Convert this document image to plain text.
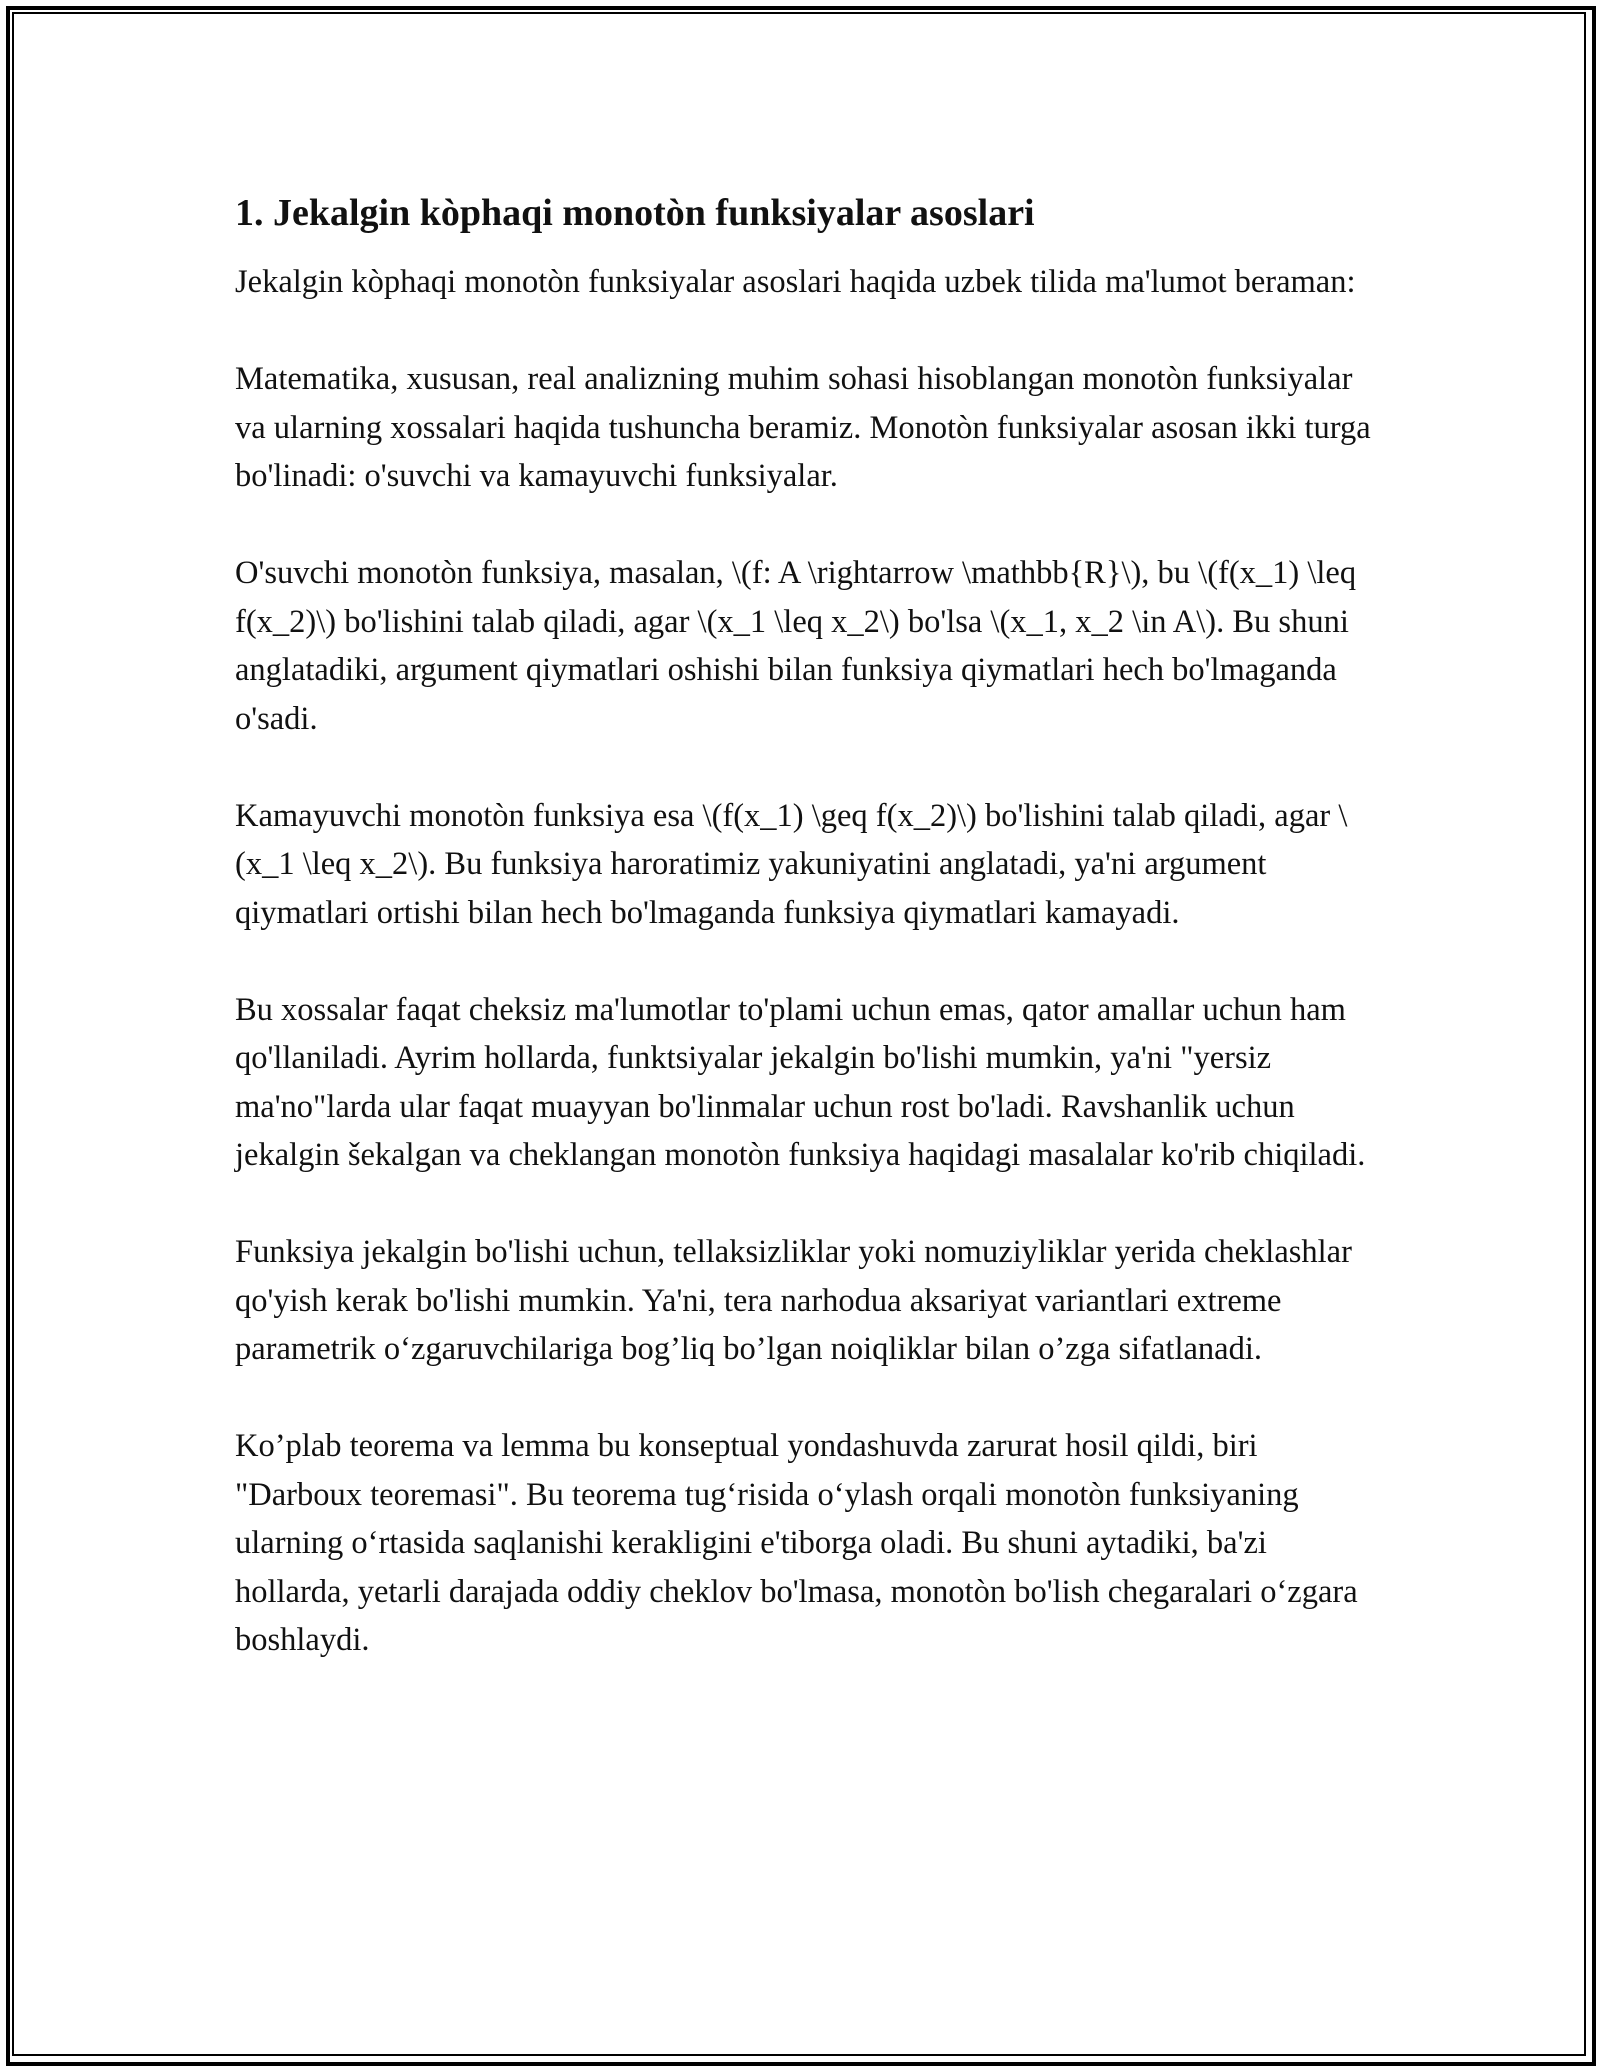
1. Jekalgin kòphaqi monotòn funksiyalar asoslari

Jekalgin kòphaqi monotòn funksiyalar asoslari haqida uzbek tilida ma'lumot beraman:

Matematika, xususan, real analizning muhim sohasi hisoblangan monotòn funksiyalar va ularning xossalari haqida tushuncha beramiz. Monotòn funksiyalar asosan ikki turga bo'linadi: o'suvchi va kamayuvchi funksiyalar.

O'suvchi monotòn funksiya, masalan, \(f: A \rightarrow \mathbb{R}\), bu \(f(x_1) \leq f(x_2)\) bo'lishini talab qiladi, agar \(x_1 \leq x_2\) bo'lsa \(x_1, x_2 \in A\). Bu shuni anglatadiki, argument qiymatlari oshishi bilan funksiya qiymatlari hech bo'lmaganda o'sadi.

Kamayuvchi monotòn funksiya esa \(f(x_1) \geq f(x_2)\) bo'lishini talab qiladi, agar \(x_1 \leq x_2\). Bu funksiya haroratimiz yakuniyatini anglatadi, ya'ni argument qiymatlari ortishi bilan hech bo'lmaganda funksiya qiymatlari kamayadi.

Bu xossalar faqat cheksiz ma'lumotlar to'plami uchun emas, qator amallar uchun ham qo'llaniladi. Ayrim hollarda, funktsiyalar jekalgin bo'lishi mumkin, ya'ni "yersiz ma'no"larda ular faqat muayyan bo'linmalar uchun rost bo'ladi. Ravshanlik uchun jekalgin šekalgan va cheklangan monotòn funksiya haqidagi masalalar ko'rib chiqiladi.

Funksiya jekalgin bo'lishi uchun, tellaksizliklar yoki nomuziyliklar yerida cheklashlar qo'yish kerak bo'lishi mumkin. Ya'ni, tera narhodua aksariyat variantlari extreme parametrik o‘zgaruvchilariga bog’liq bo’lgan noiqliklar bilan o’zga sifatlanadi.

Ko’plab teorema va lemma bu konseptual yondashuvda zarurat hosil qildi, biri "Darboux teoremasi". Bu teorema tug‘risida o‘ylash orqali monotòn funksiyaning ularning o‘rtasida saqlanishi kerakligini e'tiborga oladi. Bu shuni aytadiki, ba'zi hollarda, yetarli darajada oddiy cheklov bo'lmasa, monotòn bo'lish chegaralari o‘zgara boshlaydi.
